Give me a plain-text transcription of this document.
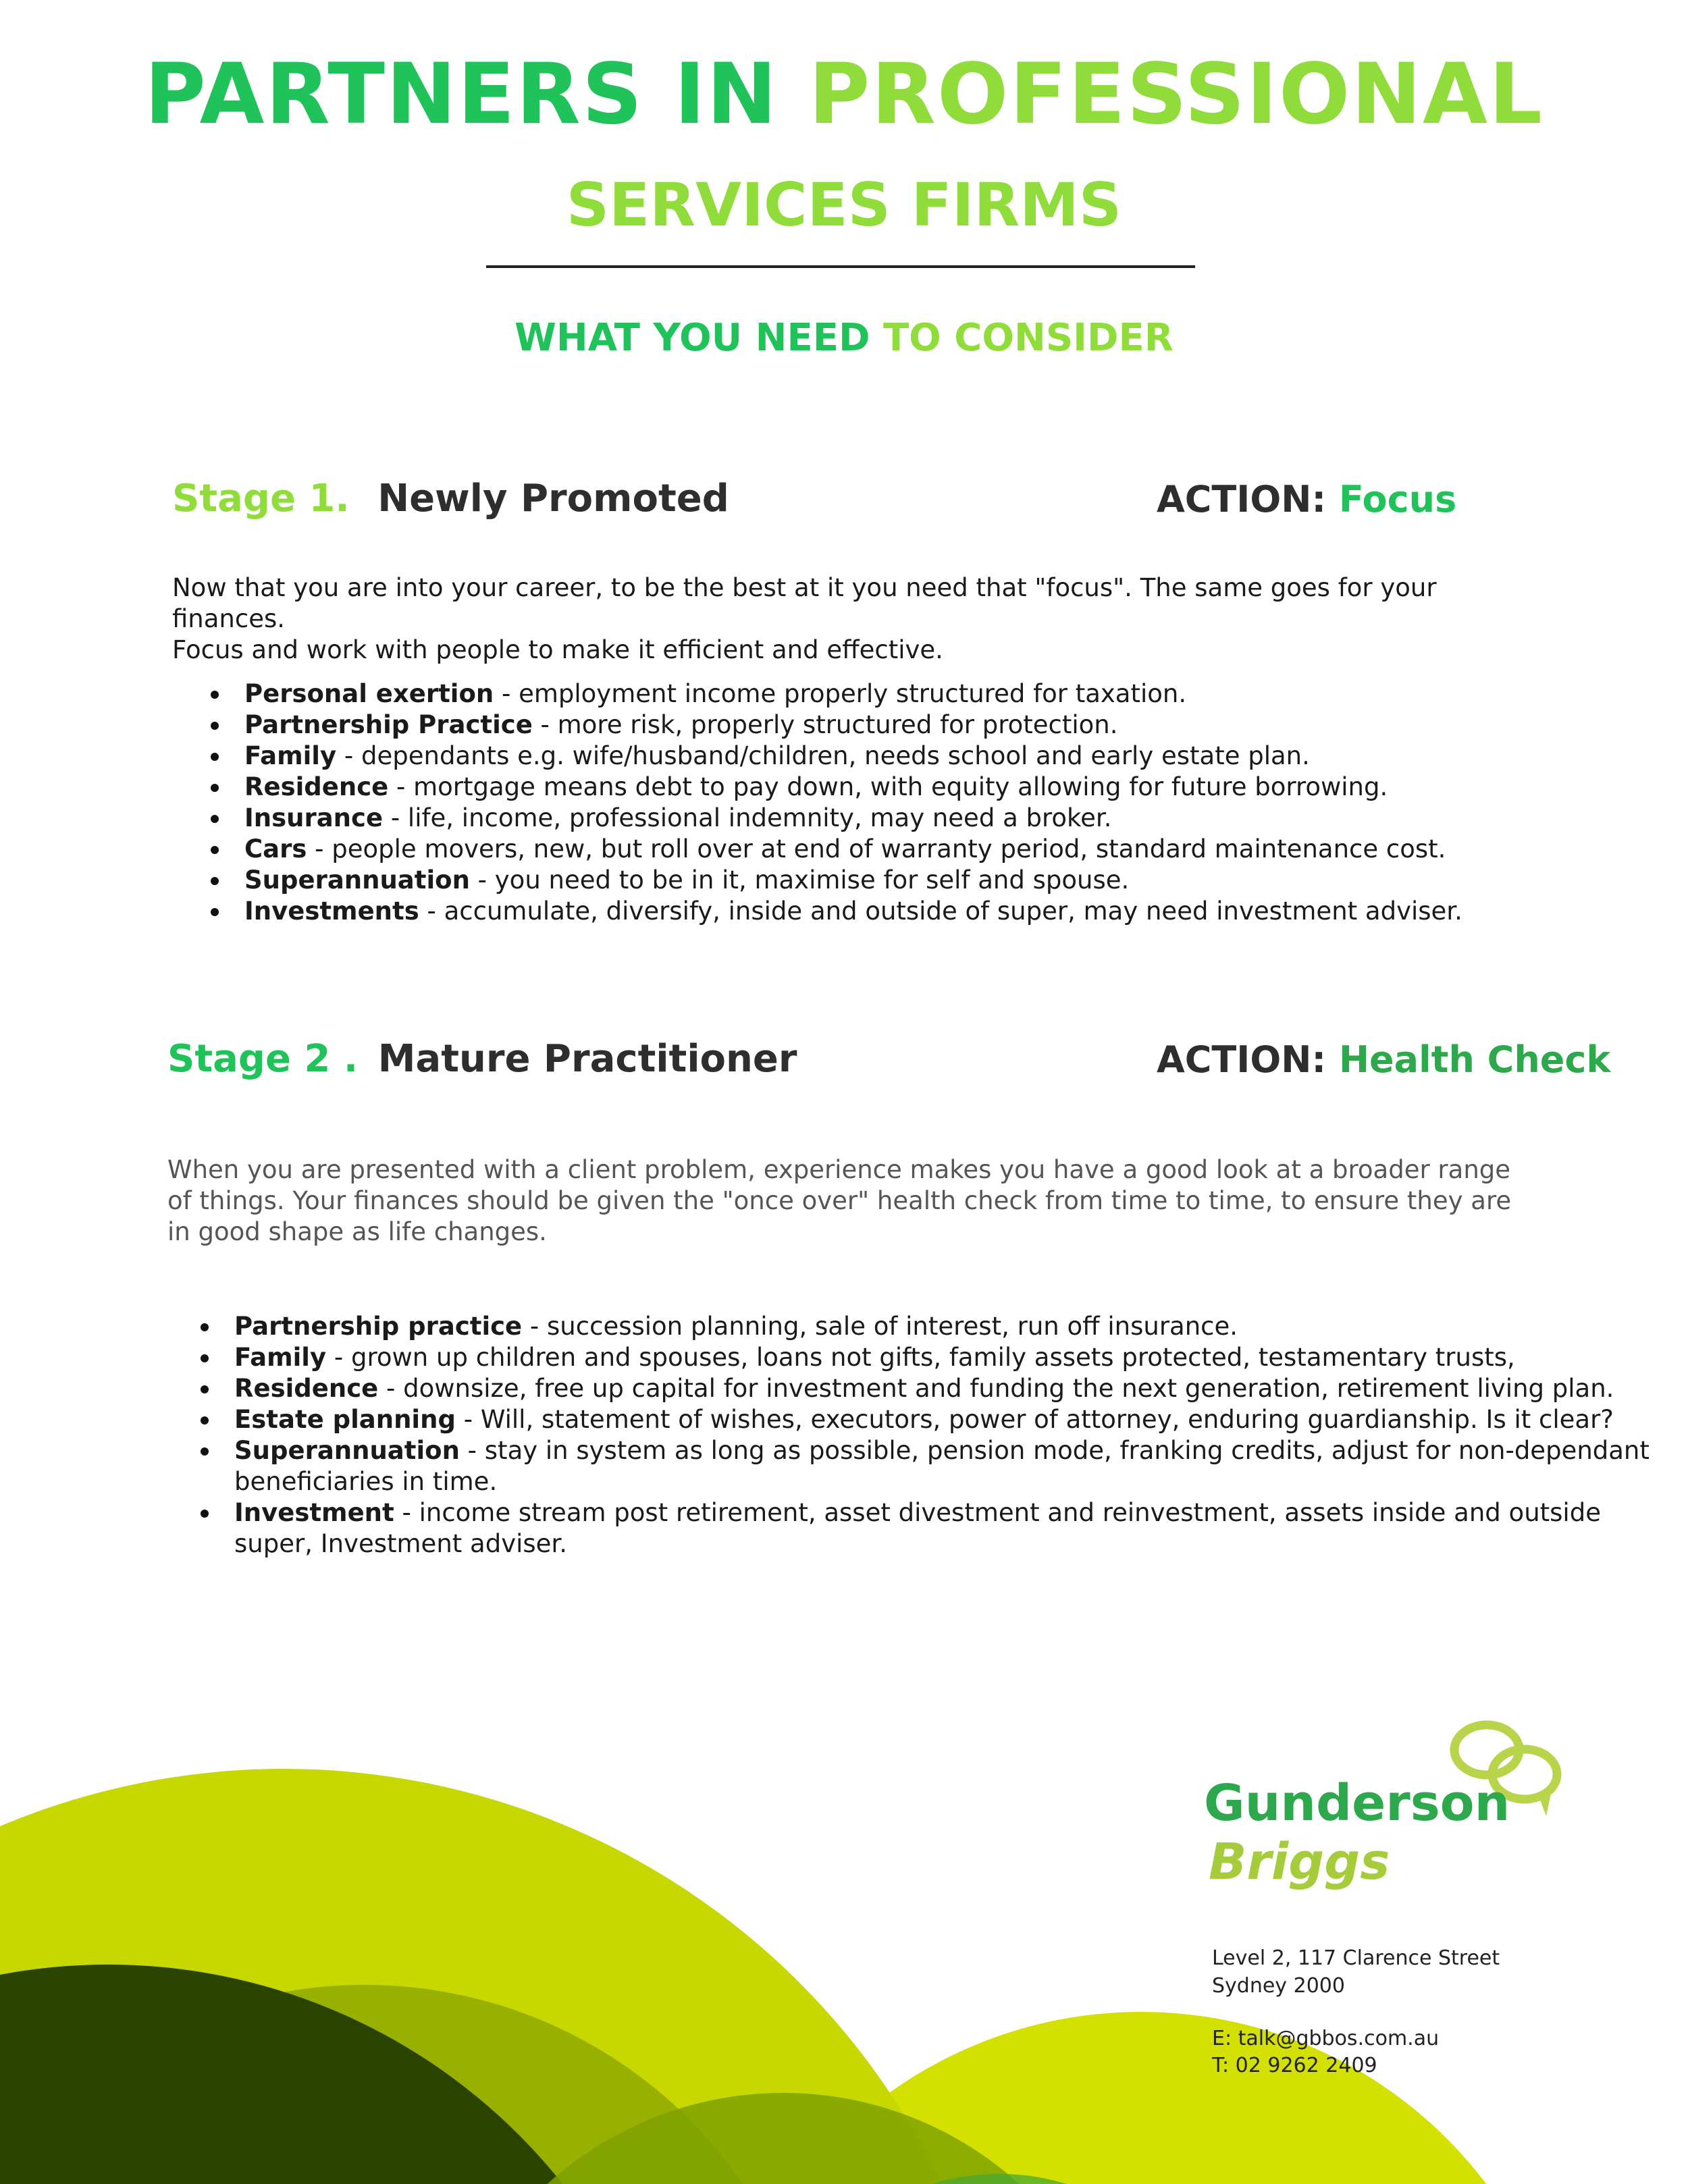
PARTNERS IN PROFESSIONAL
SERVICES FIRMS
WHAT YOU NEED TO CONSIDER
Stage 1. Newly Promoted	ACTION: Focus
Now that you are into your career, to be the best at it you need that "focus". The same goes for your finances.
Focus and work with people to make it efficient and effective.
Personal exertion - employment income properly structured for taxation.
Partnership Practice - more risk, properly structured for protection.
Family - dependants e.g. wife/husband/children, needs school and early estate plan.
Residence - mortgage means debt to pay down, with equity allowing for future borrowing.
Insurance - life, income, professional indemnity, may need a broker.
Cars - people movers, new, but roll over at end of warranty period, standard maintenance cost.
Superannuation - you need to be in it, maximise for self and spouse.
Investments - accumulate, diversify, inside and outside of super, may need investment adviser.
Stage 2 . Mature Practitioner	ACTION: Health Check
When you are presented with a client problem, experience makes you have a good look at a broader range
of things. Your finances should be given the "once over" health check from time to time, to ensure they are
in good shape as life changes.
Partnership practice - succession planning, sale of interest, run off insurance.
Family - grown up children and spouses, loans not gifts, family assets protected, testamentary trusts,
Residence - downsize, free up capital for investment and funding the next generation, retirement living plan.
Estate planning - Will, statement of wishes, executors, power of attorney, enduring guardianship. Is it clear?
Superannuation - stay in system as long as possible, pension mode, franking credits, adjust for non-dependant beneficiaries in time.
Investment - income stream post retirement, asset divestment and reinvestment, assets inside and outside super, Investment adviser.
Gunderson
Briggs
Level 2, 117 Clarence Street
Sydney 2000
E: talk@gbbos.com.au
T: 02 9262 2409
